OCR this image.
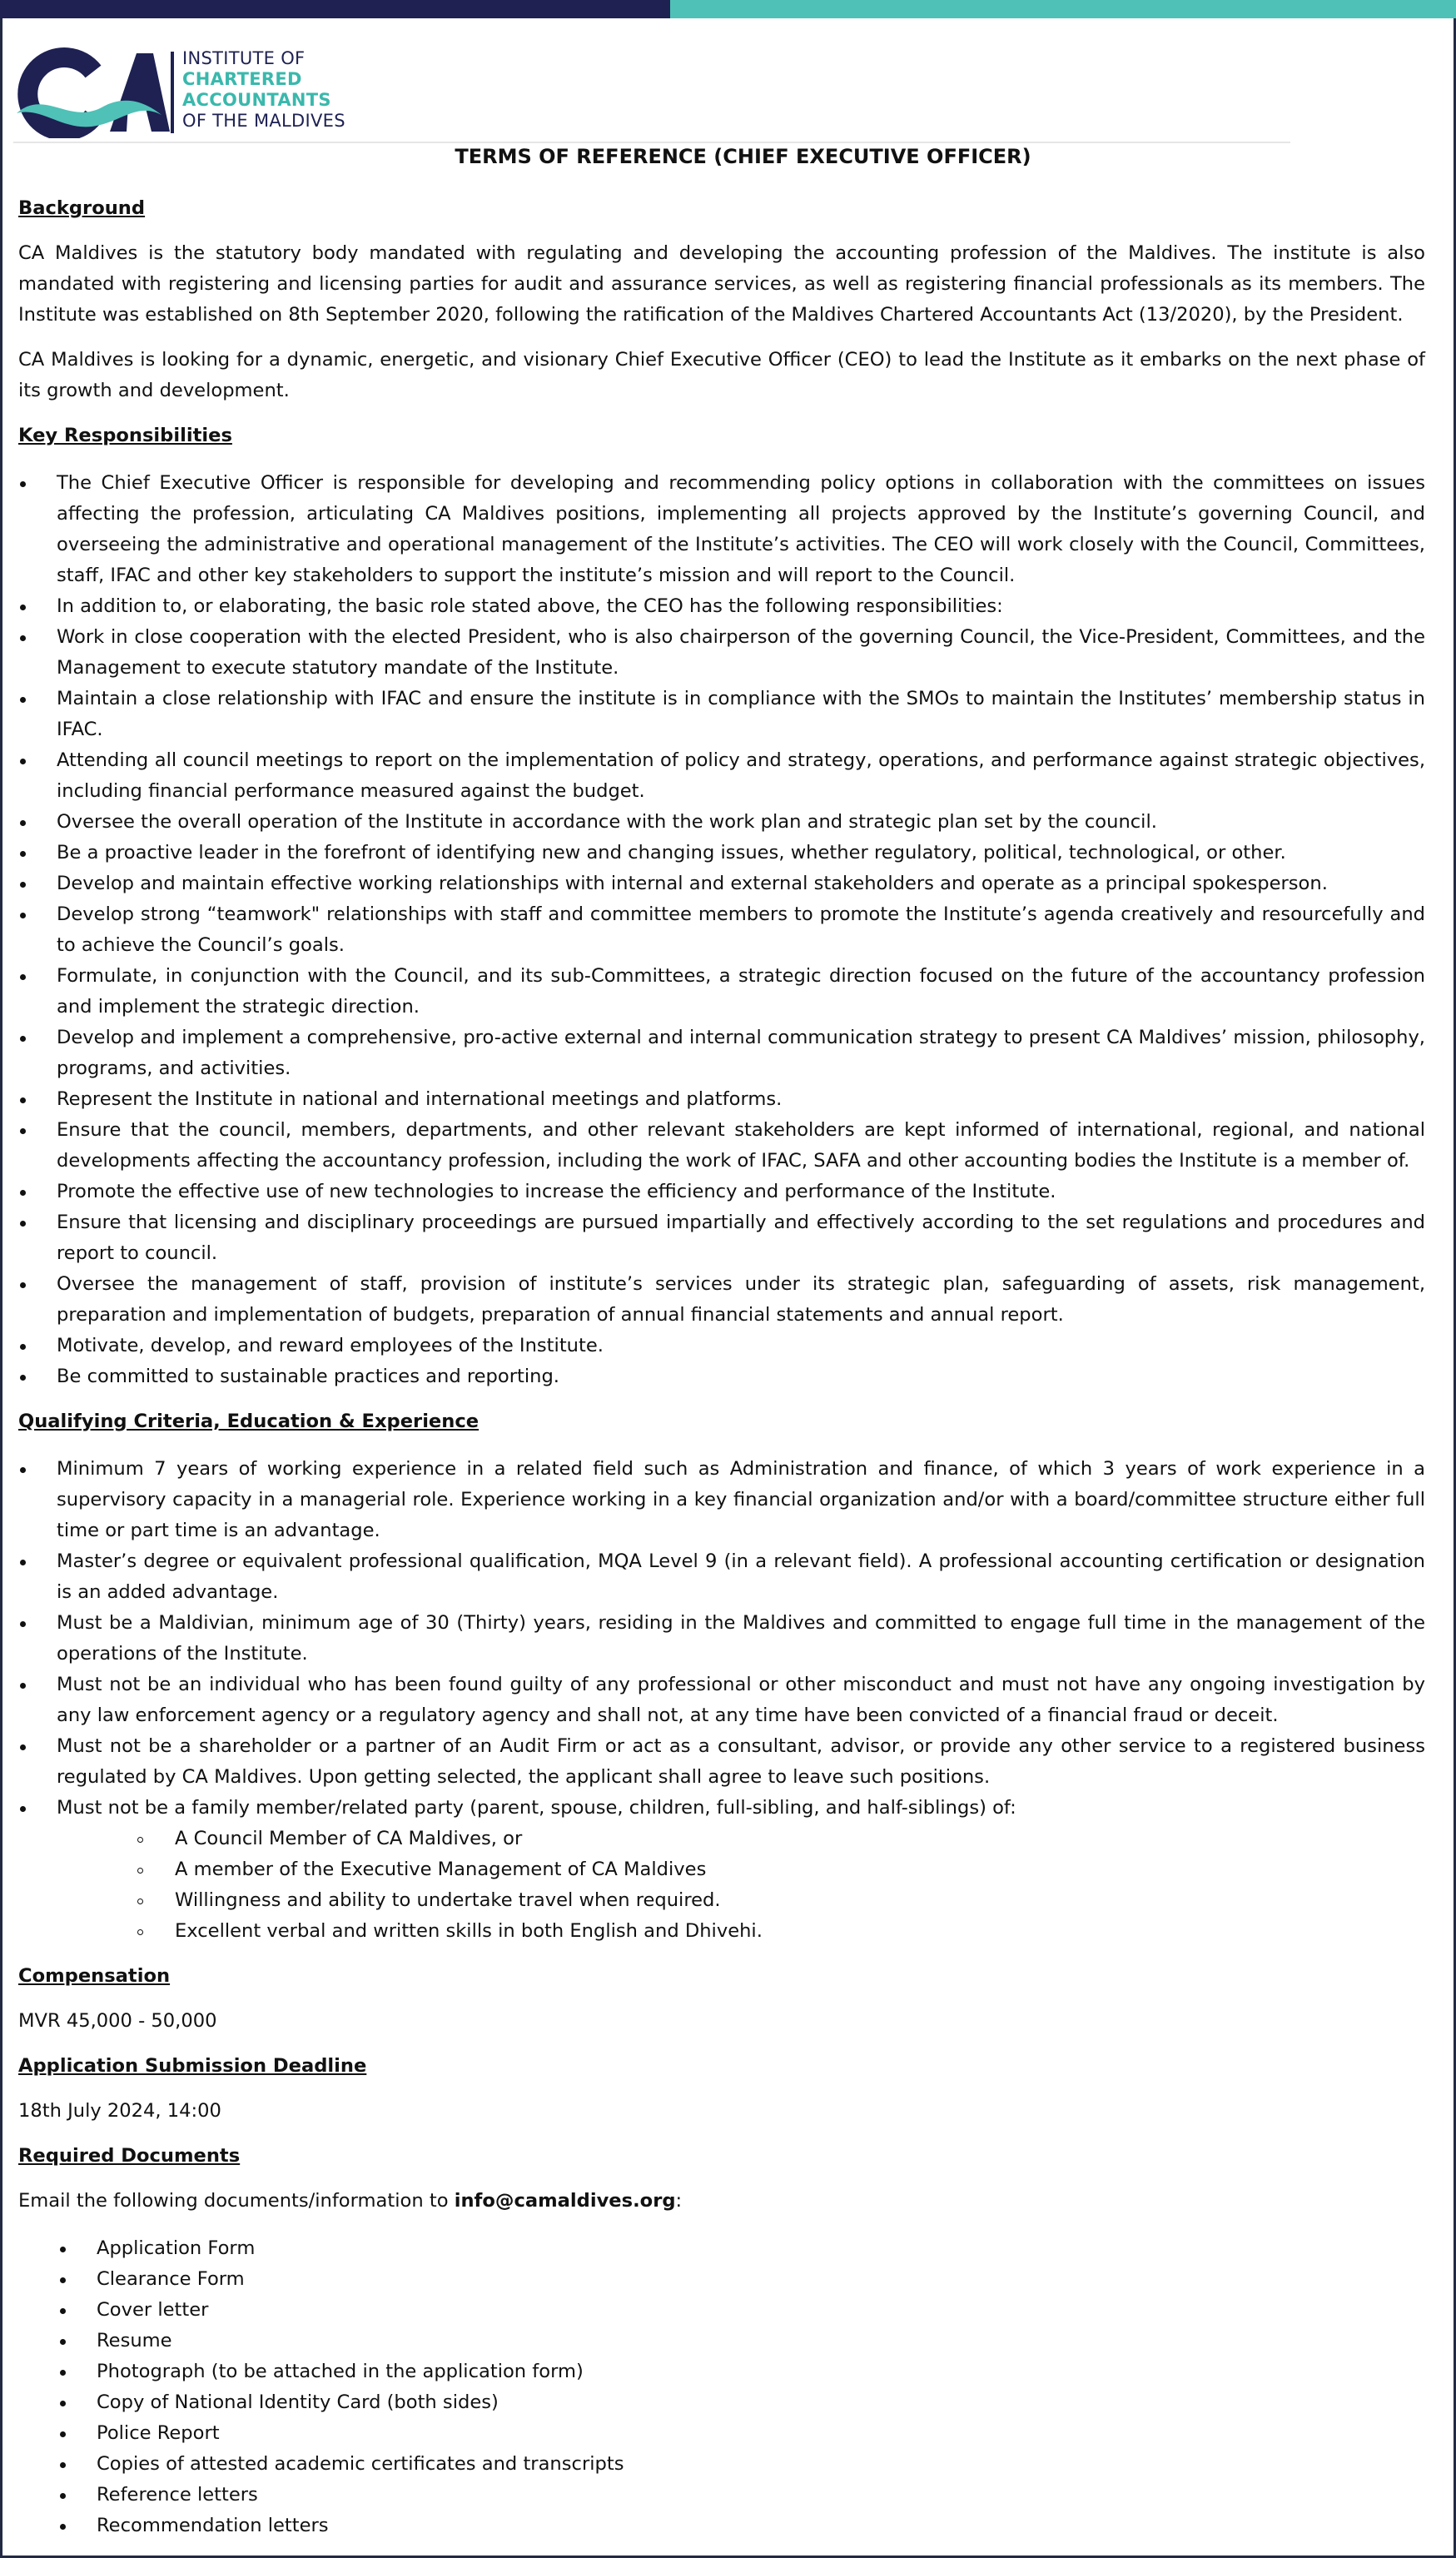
INSTITUTE OF
CHARTERED
ACCOUNTANTS
OF THE MALDIVES
TERMS OF REFERENCE (CHIEF EXECUTIVE OFFICER)

Background

CA Maldives is the statutory body mandated with regulating and developing the accounting profession of the Maldives. The institute is also mandated with registering and licensing parties for audit and assurance services, as well as registering financial professionals as its members. The Institute was established on 8th September 2020, following the ratification of the Maldives Chartered Accountants Act (13/2020), by the President.

CA Maldives is looking for a dynamic, energetic, and visionary Chief Executive Officer (CEO) to lead the Institute as it embarks on the next phase of its growth and development.

Key Responsibilities

The Chief Executive Officer is responsible for developing and recommending policy options in collaboration with the committees on issues affecting the profession, articulating CA Maldives positions, implementing all projects approved by the Institute’s governing Council, and overseeing the administrative and operational management of the Institute’s activities. The CEO will work closely with the Council, Committees, staff, IFAC and other key stakeholders to support the institute’s mission and will report to the Council.
In addition to, or elaborating, the basic role stated above, the CEO has the following responsibilities:
Work in close cooperation with the elected President, who is also chairperson of the governing Council, the Vice-President, Committees, and the Management to execute statutory mandate of the Institute.
Maintain a close relationship with IFAC and ensure the institute is in compliance with the SMOs to maintain the Institutes’ membership status in IFAC.
Attending all council meetings to report on the implementation of policy and strategy, operations, and performance against strategic objectives, including financial performance measured against the budget.
Oversee the overall operation of the Institute in accordance with the work plan and strategic plan set by the council.
Be a proactive leader in the forefront of identifying new and changing issues, whether regulatory, political, technological, or other.
Develop and maintain effective working relationships with internal and external stakeholders and operate as a principal spokesperson.
Develop strong “teamwork" relationships with staff and committee members to promote the Institute’s agenda creatively and resourcefully and to achieve the Council’s goals.
Formulate, in conjunction with the Council, and its sub-Committees, a strategic direction focused on the future of the accountancy profession and implement the strategic direction.
Develop and implement a comprehensive, pro-active external and internal communication strategy to present CA Maldives’ mission, philosophy, programs, and activities.
Represent the Institute in national and international meetings and platforms.
Ensure that the council, members, departments, and other relevant stakeholders are kept informed of international, regional, and national developments affecting the accountancy profession, including the work of IFAC, SAFA and other accounting bodies the Institute is a member of.
Promote the effective use of new technologies to increase the efficiency and performance of the Institute.
Ensure that licensing and disciplinary proceedings are pursued impartially and effectively according to the set regulations and procedures and report to council.
Oversee the management of staff, provision of institute’s services under its strategic plan, safeguarding of assets, risk management, preparation and implementation of budgets, preparation of annual financial statements and annual report.
Motivate, develop, and reward employees of the Institute.
Be committed to sustainable practices and reporting.

Qualifying Criteria, Education & Experience

Minimum 7 years of working experience in a related field such as Administration and finance, of which 3 years of work experience in a supervisory capacity in a managerial role. Experience working in a key financial organization and/or with a board/committee structure either full time or part time is an advantage.
Master’s degree or equivalent professional qualification, MQA Level 9 (in a relevant field). A professional accounting certification or designation is an added advantage.
Must be a Maldivian, minimum age of 30 (Thirty) years, residing in the Maldives and committed to engage full time in the management of the operations of the Institute.
Must not be an individual who has been found guilty of any professional or other misconduct and must not have any ongoing investigation by any law enforcement agency or a regulatory agency and shall not, at any time have been convicted of a financial fraud or deceit.
Must not be a shareholder or a partner of an Audit Firm or act as a consultant, advisor, or provide any other service to a registered business regulated by CA Maldives. Upon getting selected, the applicant shall agree to leave such positions.
Must not be a family member/related party (parent, spouse, children, full-sibling, and half-siblings) of:
A Council Member of CA Maldives, or
A member of the Executive Management of CA Maldives
Willingness and ability to undertake travel when required.
Excellent verbal and written skills in both English and Dhivehi.

Compensation

MVR 45,000 - 50,000

Application Submission Deadline

18th July 2024, 14:00

Required Documents

Email the following documents/information to info@camaldives.org:

Application Form
Clearance Form
Cover letter
Resume
Photograph (to be attached in the application form)
Copy of National Identity Card (both sides)
Police Report
Copies of attested academic certificates and transcripts
Reference letters
Recommendation letters
